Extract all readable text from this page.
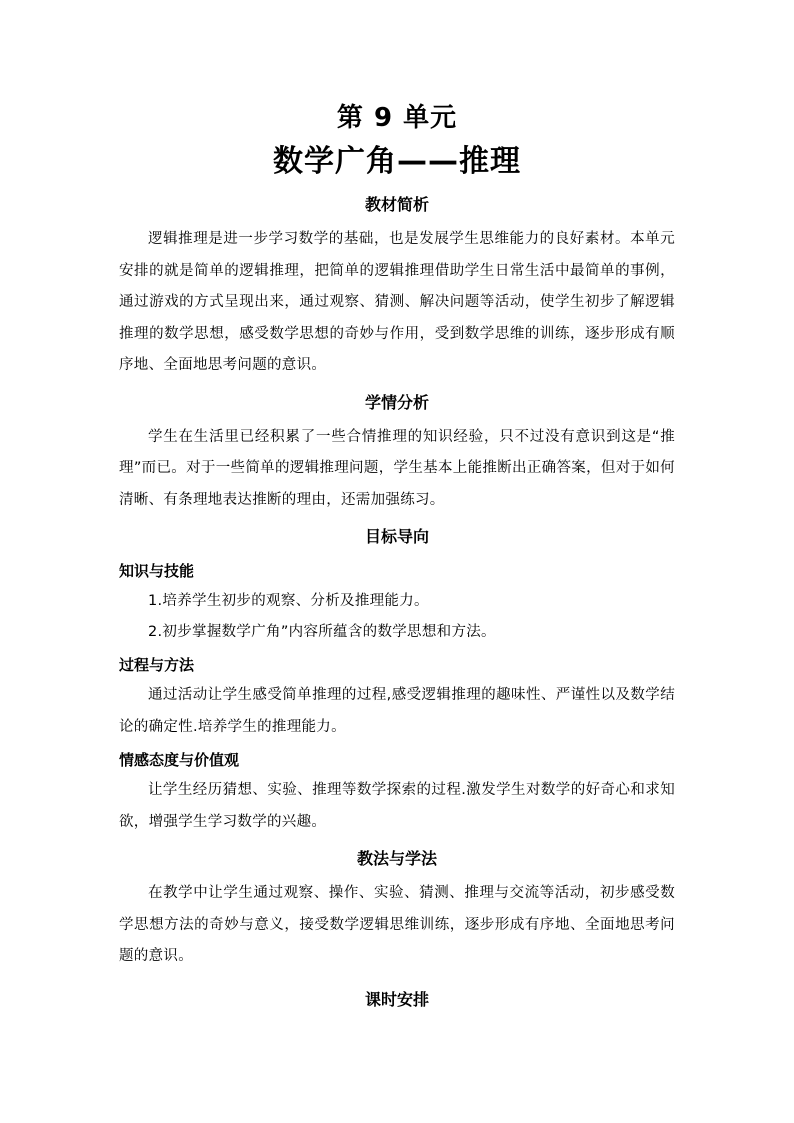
第 9 单元
数学广角——推理
教材简析

逻辑推理是进一步学习数学的基础，也是发展学生思维能力的良好素材。本单元安排的就是简单的逻辑推理，把简单的逻辑推理借助学生日常生活中最简单的事例，通过游戏的方式呈现出来，通过观察、猜测、解决问题等活动，使学生初步了解逻辑推理的数学思想，感受数学思想的奇妙与作用，受到数学思维的训练，逐步形成有顺序地、全面地思考问题的意识。

学情分析

学生在生活里已经积累了一些合情推理的知识经验，只不过没有意识到这是“推理”而已。对于一些简单的逻辑推理问题，学生基本上能推断出正确答案，但对于如何清晰、有条理地表达推断的理由，还需加强练习。

目标导向
知识与技能

1.培养学生初步的观察、分析及推理能力。

2.初步掌握数学广角”内容所蕴含的数学思想和方法。

过程与方法

通过活动让学生感受简单推理的过程,感受逻辑推理的趣味性、严谨性以及数学结论的确定性.培养学生的推理能力。

情感态度与价值观

让学生经历猜想、实验、推理等数学探索的过程.激发学生对数学的好奇心和求知欲，增强学生学习数学的兴趣。

教法与学法

在教学中让学生通过观察、操作、实验、猜测、推理与交流等活动，初步感受数学思想方法的奇妙与意义，接受数学逻辑思维训练，逐步形成有序地、全面地思考问题的意识。

课时安排
